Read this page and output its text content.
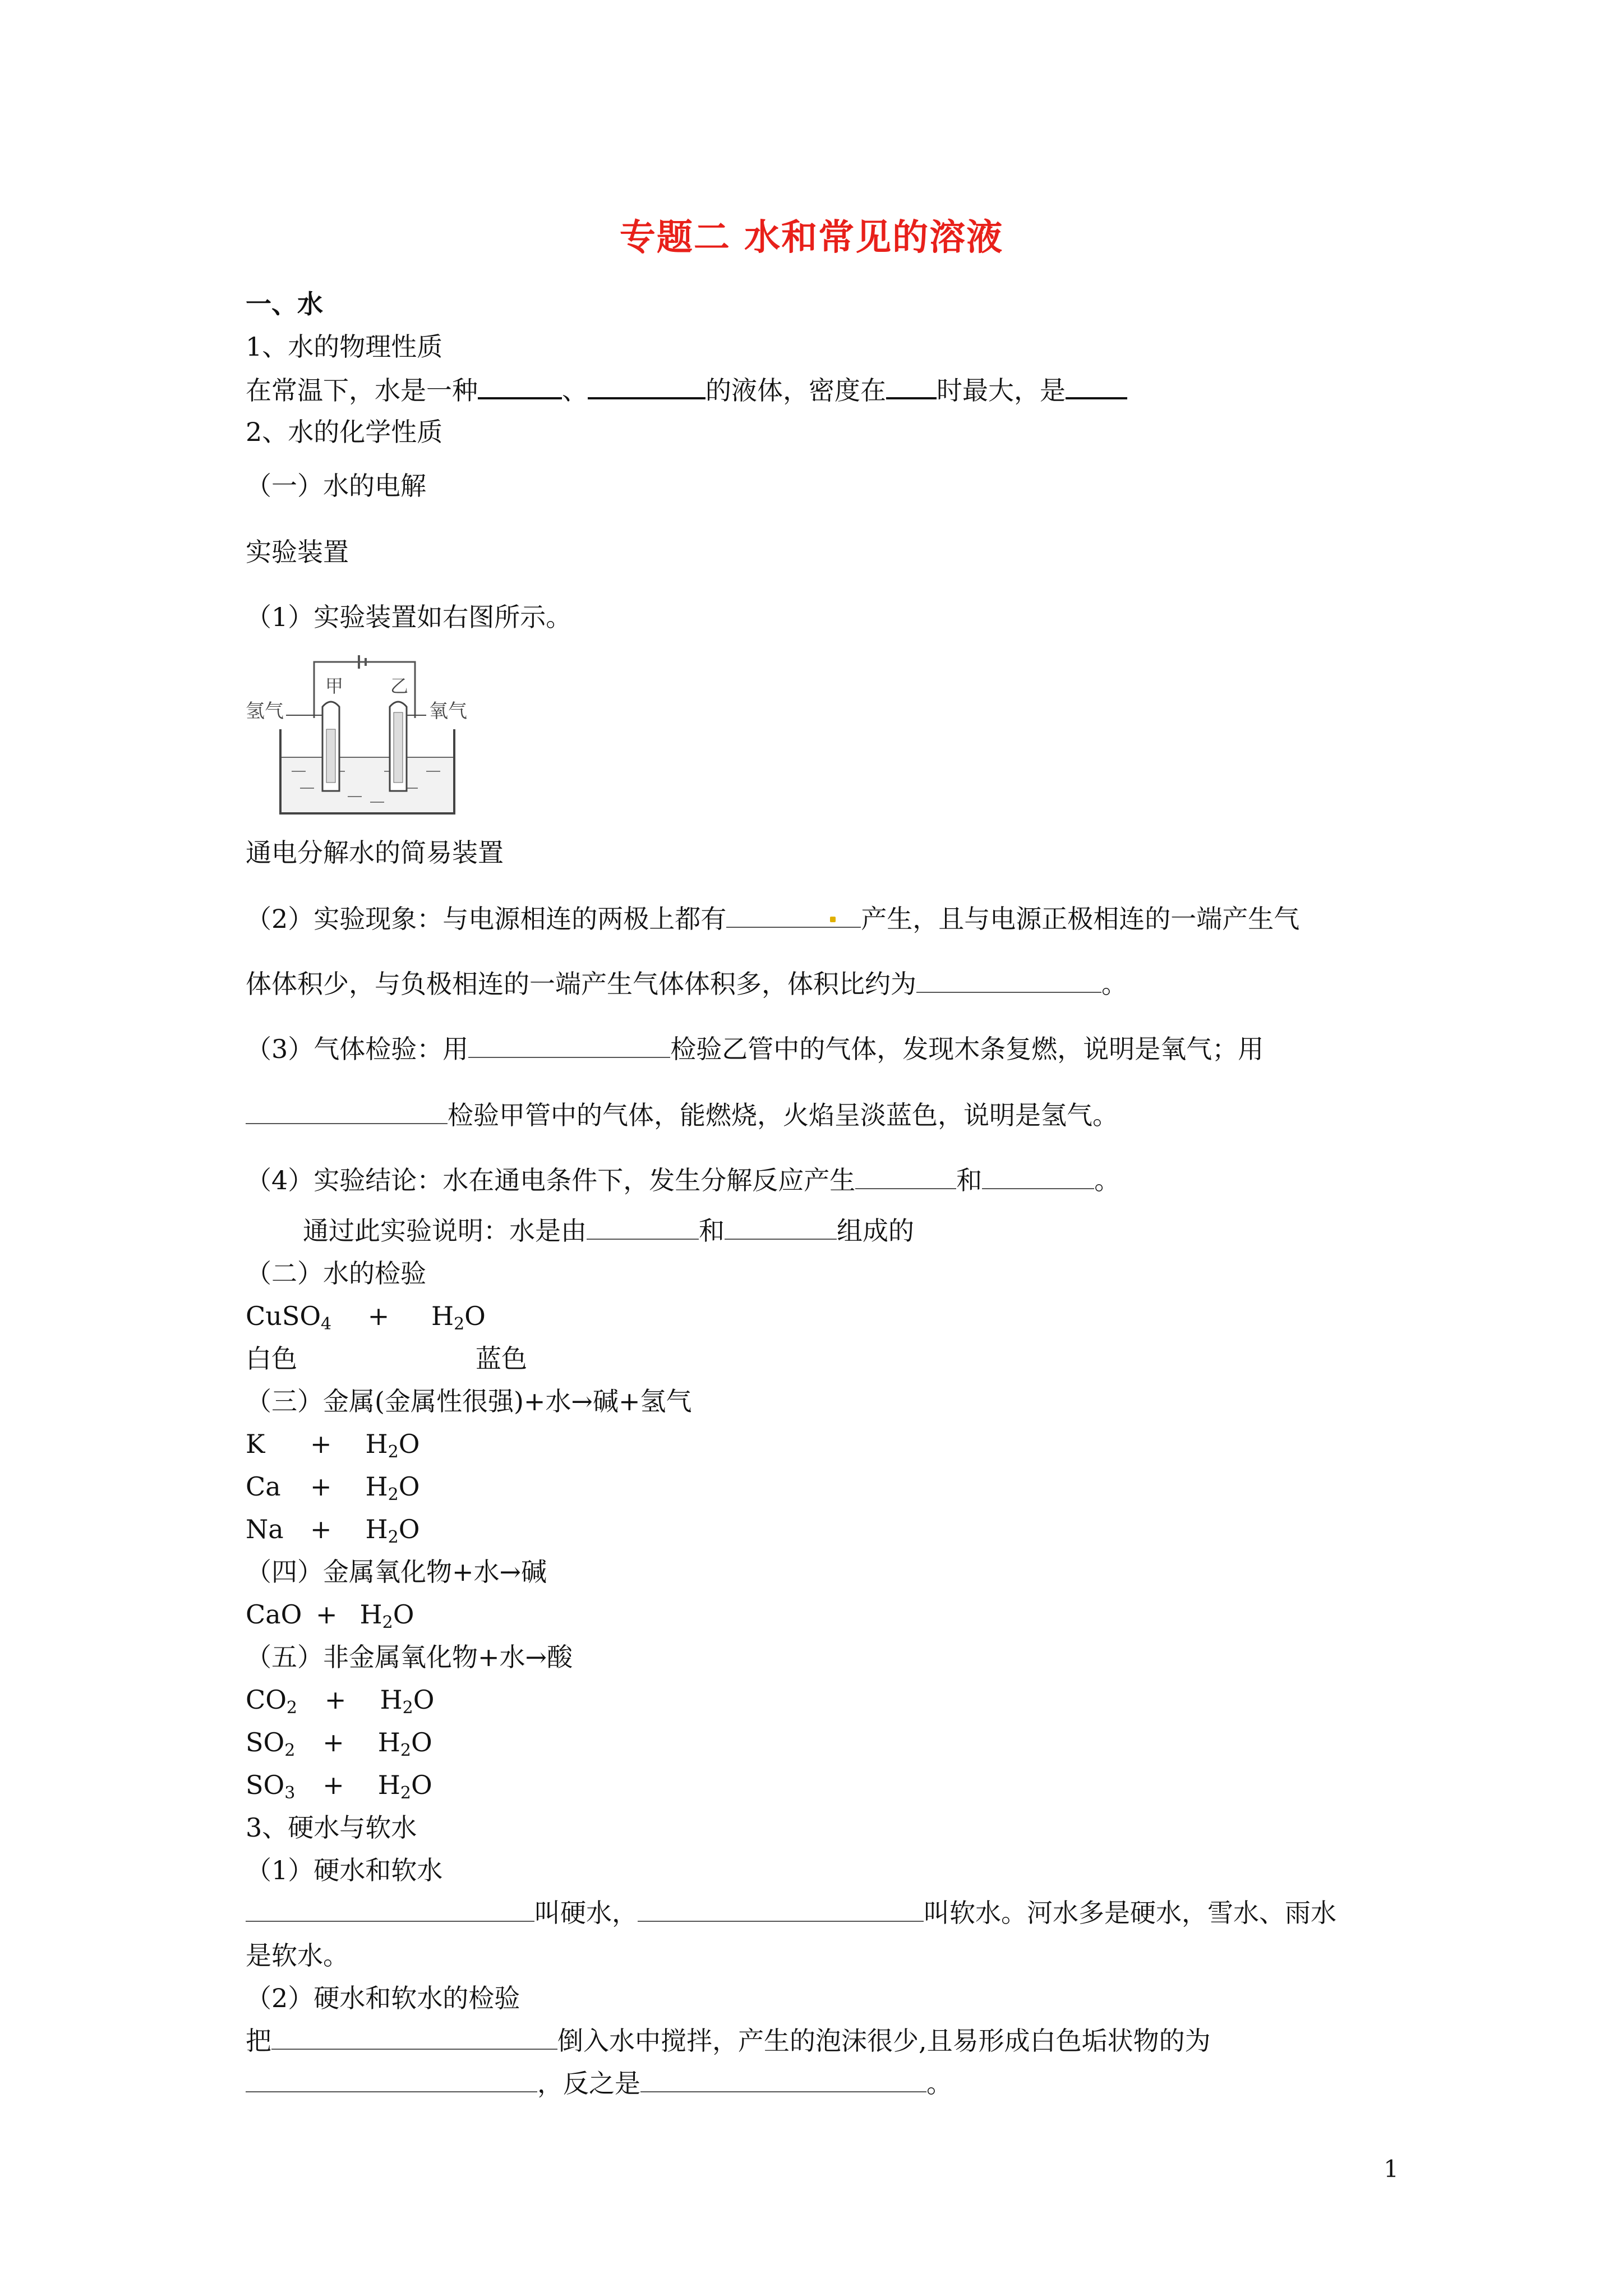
专题二 水和常见的溶液
一、水
1、水的物理性质
在常温下，水是一种	、	的液体，密度在 时最大，是
2、水的化学性质
（一）水的电解
实验装置
（1）实验装置如右图所示。
氢气
甲	乙
氧气
通电分解水的简易装置
（2）实验现象：与电源相连的两极上都有	产生，且与电源正极相连的一端产生气
体体积少，与负极相连的一端产生气体体积多，体积比约为	。
（3）气体检验：用	检验乙管中的气体，发现木条复燃，说明是氧气；用
检验甲管中的气体，能燃烧，火焰呈淡蓝色，说明是氢气。
（4）实验结论：水在通电条件下，发生分解反应产生	和	。
通过此实验说明：水是由	和	组成的
（二）水的检验
CuSO$_4$ + $H_2O$
白色	蓝色
（三）金属(金属性很强)+水→碱+氢气
$K + H_2O$
$Ca + H_2O$
$Na + H_2O$
（四）金属氧化物+水→碱
CaO + $H_2O$
（五）非金属氧化物+水→酸
$CO2 + H_2O$
$SO2 + H_2O$
$SO3 + H_2O$
3、硬水与软水
（1）硬水和软水
叫硬水，	叫软水。河水多是硬水，雪水、雨水
是软水。
（2）硬水和软水的检验
把	倒入水中搅拌，产生的泡沫很少,且易形成白色垢状物的为
，反之是	。
1
